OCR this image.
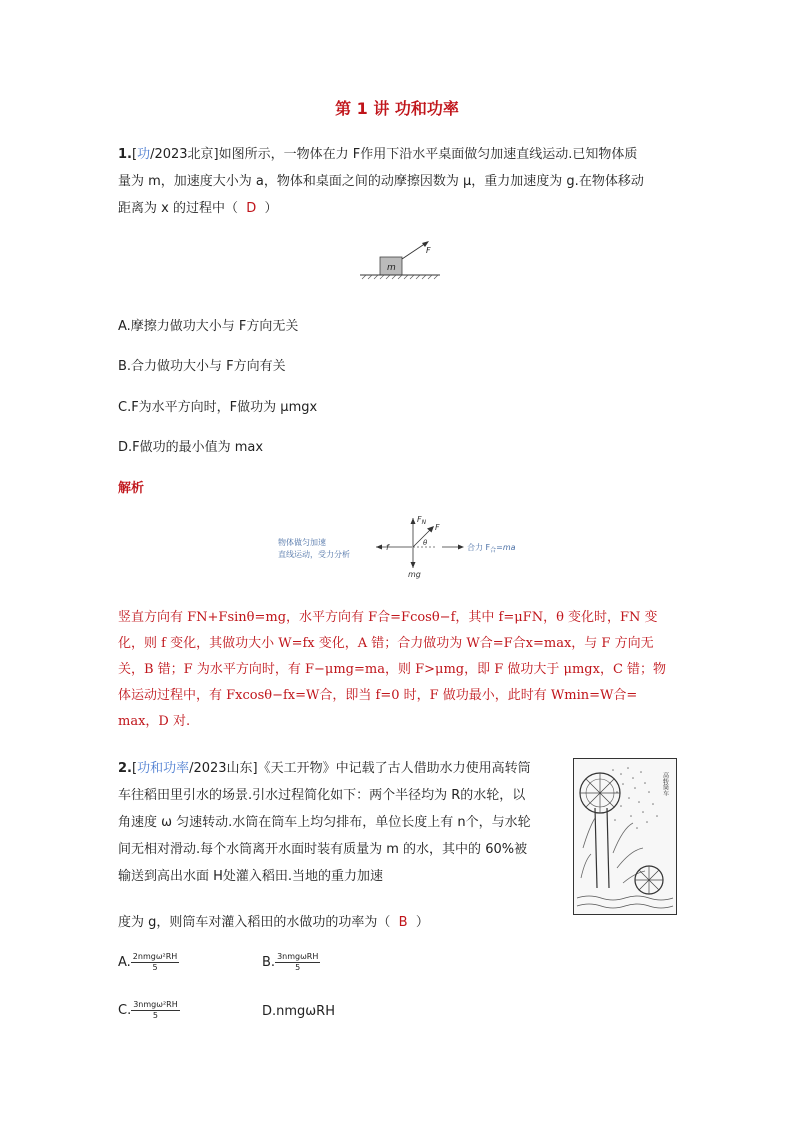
第 1 讲 功和功率
1.[功/2023北京]如图所示，一物体在力 F作用下沿水平桌面做匀加速直线运动.已知物体质
量为 m，加速度大小为 a，物体和桌面之间的动摩擦因数为 μ，重力加速度为 g.在物体移动
距离为 x 的过程中（ D ）
m
F
A.摩擦力做功大小与 F方向无关
B.合力做功大小与 F方向有关
C.F为水平方向时，F做功为 μmgx
D.F做功的最小值为 max
解析
物体做匀加速
直线运动，受力分析
$F_N$
F
θ
f
mg
合力 $F_合=ma$
竖直方向有 FN+Fsinθ=mg，水平方向有 F合=Fcosθ−f，其中 f=μFN，θ 变化时，FN 变
化，则 f 变化，其做功大小 W=fx 变化，A 错；合力做功为 W合=F合x=max，与 F 方向无
关，B 错；F 为水平方向时，有 F−μmg=ma，则 F>μmg，即 F 做功大于 μmgx，C 错；物
体运动过程中，有 Fxcosθ−fx=W合，即当 f=0 时，F 做功最小，此时有 Wmin=W合=
max，D 对.
2.[功和功率/2023山东]《天工开物》中记载了古人借助水力使用高转筒
车往稻田里引水的场景.引水过程简化如下：两个半径均为 R的水轮，以
角速度 ω 匀速转动.水筒在筒车上均匀排布，单位长度上有 n个，与水轮
间无相对滑动.每个水筒离开水面时装有质量为 m 的水，其中的 60%被
输送到高出水面 H处灌入稻田.当地的重力加速
度为 g，则筒车对灌入稻田的水做功的功率为（ B ）
高转筒车
A. $\frac{\text{2nmgω²RH}}{5}$	B. $\frac{\text{3nmgωRH}}{5}$
C. $\frac{\text{3nmgω²RH}}{5}$	D.nmgωRH
